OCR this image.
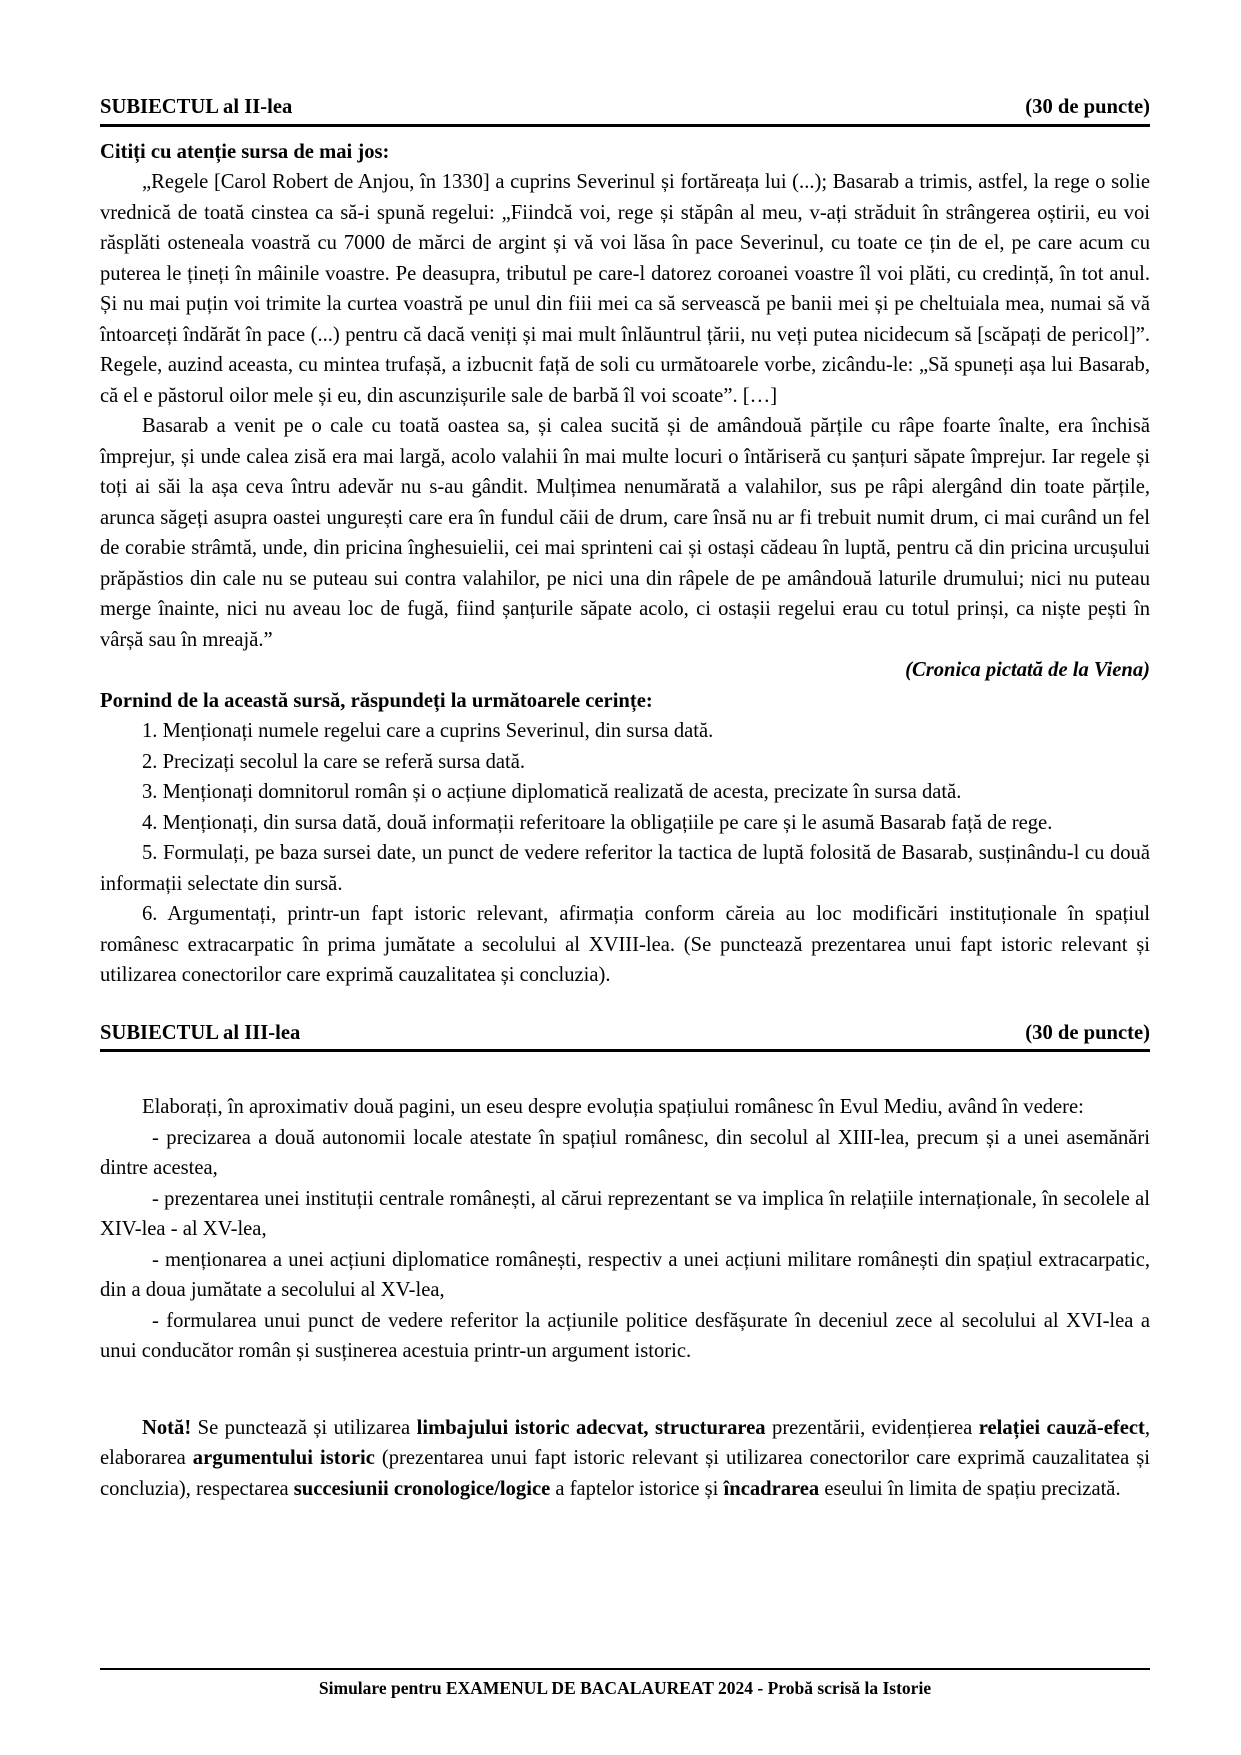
SUBIECTUL al II-lea	(30 de puncte)

Citiți cu atenție sursa de mai jos:

„Regele [Carol Robert de Anjou, în 1330] a cuprins Severinul și fortăreața lui (...); Basarab a trimis, astfel, la rege o solie vrednică de toată cinstea ca să-i spună regelui: „Fiindcă voi, rege și stăpân al meu, v-ați străduit în strângerea oștirii, eu voi răsplăti osteneala voastră cu 7000 de mărci de argint și vă voi lăsa în pace Severinul, cu toate ce țin de el, pe care acum cu puterea le țineți în mâinile voastre. Pe deasupra, tributul pe care-l datorez coroanei voastre îl voi plăti, cu credință, în tot anul. Și nu mai puțin voi trimite la curtea voastră pe unul din fiii mei ca să servească pe banii mei și pe cheltuiala mea, numai să vă întoarceți îndărăt în pace (...) pentru că dacă veniți și mai mult înlăuntrul țării, nu veți putea nicidecum să [scăpați de pericol]”. Regele, auzind aceasta, cu mintea trufașă, a izbucnit față de soli cu următoarele vorbe, zicându-le: „Să spuneți așa lui Basarab, că el e păstorul oilor mele și eu, din ascunzișurile sale de barbă îl voi scoate”. […]

Basarab a venit pe o cale cu toată oastea sa, și calea sucită și de amândouă părțile cu râpe foarte înalte, era închisă împrejur, și unde calea zisă era mai largă, acolo valahii în mai multe locuri o întăriseră cu șanțuri săpate împrejur. Iar regele și toți ai săi la așa ceva întru adevăr nu s-au gândit. Mulțimea nenumărată a valahilor, sus pe râpi alergând din toate părțile, arunca săgeți asupra oastei ungurești care era în fundul căii de drum, care însă nu ar fi trebuit numit drum, ci mai curând un fel de corabie strâmtă, unde, din pricina înghesuielii, cei mai sprinteni cai și ostași cădeau în luptă, pentru că din pricina urcușului prăpăstios din cale nu se puteau sui contra valahilor, pe nici una din râpele de pe amândouă laturile drumului; nici nu puteau merge înainte, nici nu aveau loc de fugă, fiind șanțurile săpate acolo, ci ostașii regelui erau cu totul prinși, ca niște pești în vârșă sau în mreajă.”

(Cronica pictată de la Viena)

Pornind de la această sursă, răspundeți la următoarele cerințe:

1. Menționați numele regelui care a cuprins Severinul, din sursa dată.

2. Precizați secolul la care se referă sursa dată.

3. Menționați domnitorul român și o acțiune diplomatică realizată de acesta, precizate în sursa dată.

4. Menționați, din sursa dată, două informații referitoare la obligațiile pe care și le asumă Basarab față de rege.

5. Formulați, pe baza sursei date, un punct de vedere referitor la tactica de luptă folosită de Basarab, susținându-l cu două informații selectate din sursă.

6. Argumentați, printr-un fapt istoric relevant, afirmația conform căreia au loc modificări instituționale în spațiul românesc extracarpatic în prima jumătate a secolului al XVIII-lea. (Se punctează prezentarea unui fapt istoric relevant și utilizarea conectorilor care exprimă cauzalitatea și concluzia).

SUBIECTUL al III-lea	(30 de puncte)

Elaborați, în aproximativ două pagini, un eseu despre evoluția spațiului românesc în Evul Mediu, având în vedere:

- precizarea a două autonomii locale atestate în spațiul românesc, din secolul al XIII-lea, precum și a unei asemănări dintre acestea,

- prezentarea unei instituții centrale românești, al cărui reprezentant se va implica în relațiile internaționale, în secolele al XIV-lea - al XV-lea,

- menționarea a unei acțiuni diplomatice românești, respectiv a unei acțiuni militare românești din spațiul extracarpatic, din a doua jumătate a secolului al XV-lea,

- formularea unui punct de vedere referitor la acțiunile politice desfășurate în deceniul zece al secolului al XVI-lea a unui conducător român și susținerea acestuia printr-un argument istoric.

Notă! Se punctează și utilizarea limbajului istoric adecvat, structurarea prezentării, evidențierea relației cauză-efect, elaborarea argumentului istoric (prezentarea unui fapt istoric relevant și utilizarea conectorilor care exprimă cauzalitatea și concluzia), respectarea succesiunii cronologice/logice a faptelor istorice și încadrarea eseului în limita de spațiu precizată.

Simulare pentru EXAMENUL DE BACALAUREAT 2024 - Probă scrisă la Istorie
